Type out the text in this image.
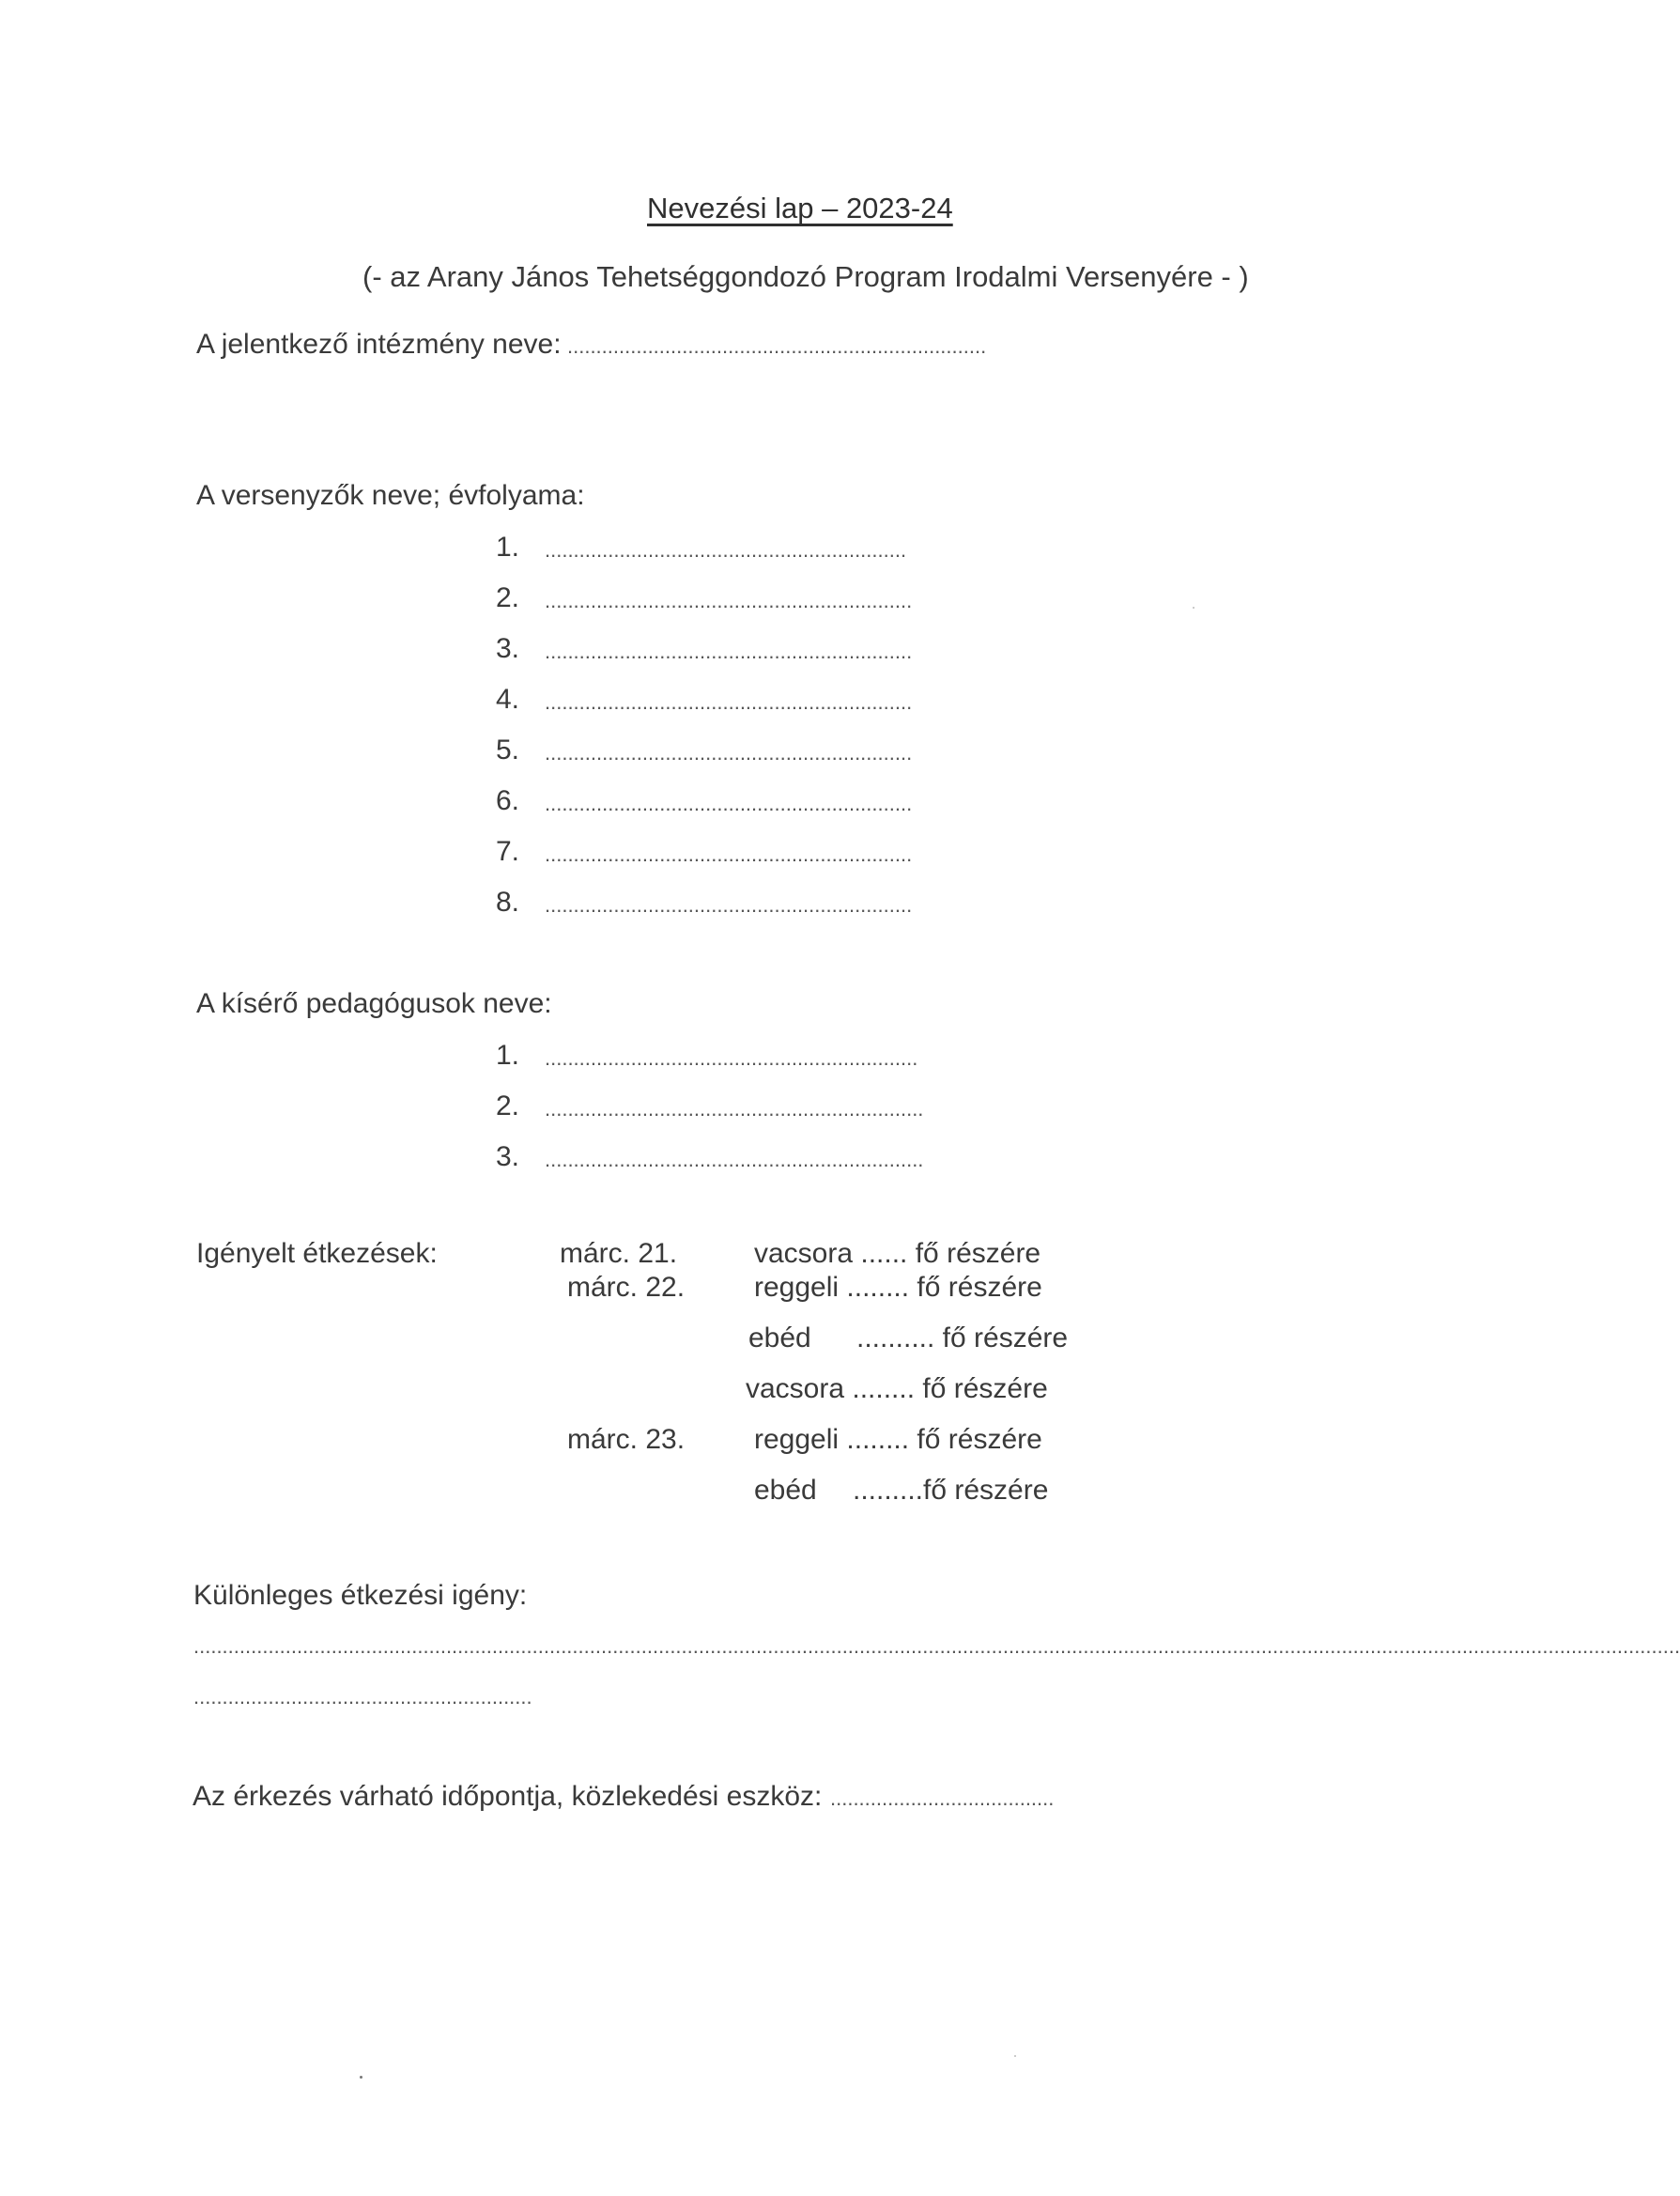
Nevezési lap – 2023-24
(- az Arany János Tehetséggondozó Program Irodalmi Versenyére - )
A jelentkező intézmény neve: .........................................................................
A versenyzők neve; évfolyama:
1. ...............................................................
2. ................................................................
3. ................................................................
4. ................................................................
5. ................................................................
6. ................................................................
7. ................................................................
8. ................................................................
A kísérő pedagógusok neve:
1. .................................................................
2. ..................................................................
3. ..................................................................
Igényelt étkezések:	márc. 21.
márc. 22.
márc. 23.
vacsora ...... fő részére
reggeli ........ fő részére
ebéd .......... fő részére
vacsora ........ fő részére
reggeli ........ fő részére
ebéd .........fő részére
Különleges étkezési igény:
...................................................................................................................................................................................................................................................................
...........................................................
Az érkezés várható időpontja, közlekedési eszköz: .......................................
